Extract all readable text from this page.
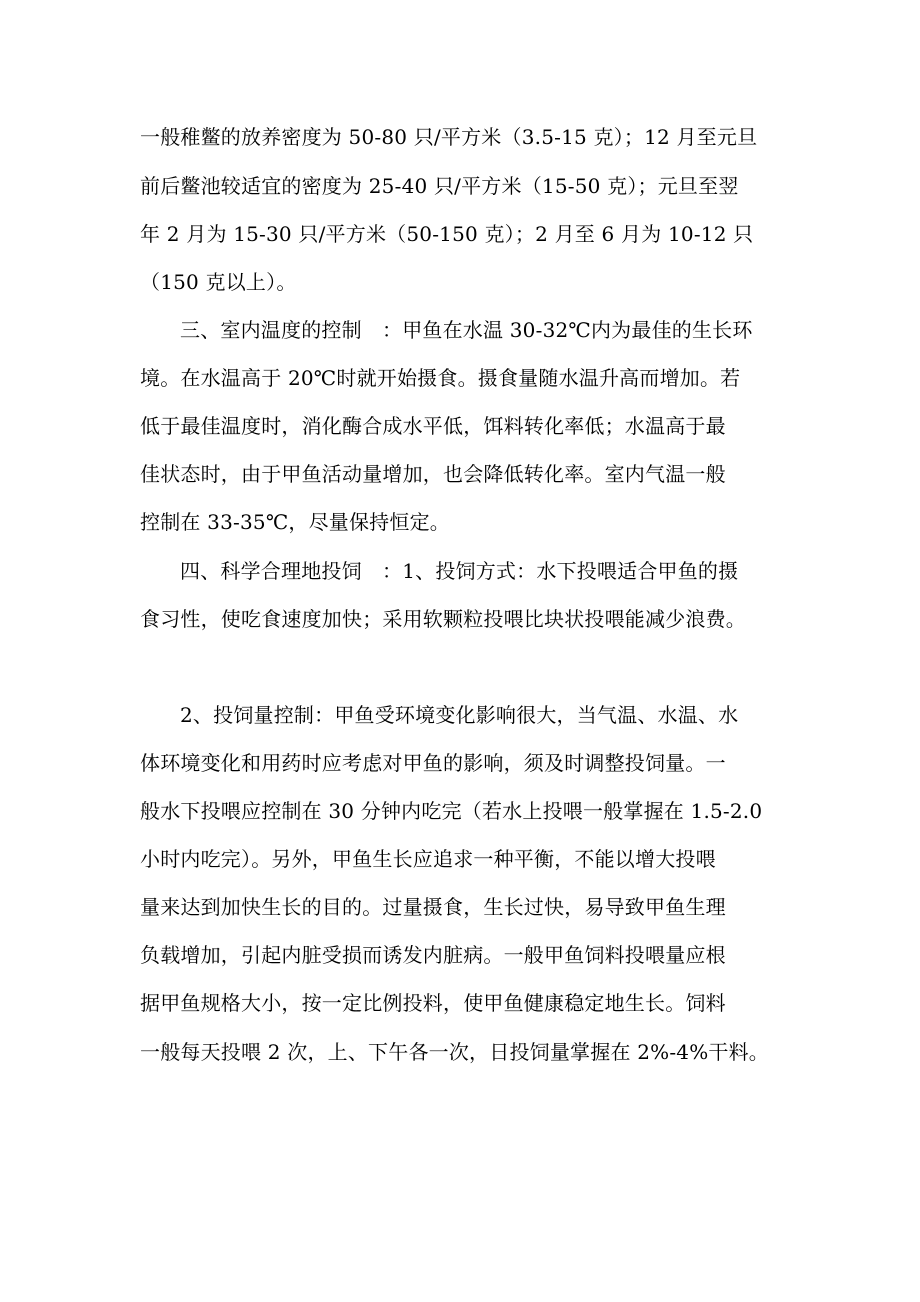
一般稚鳖的放养密度为 50-80 只/平方米（3.5-15 克）；12 月至元旦
前后鳖池较适宜的密度为 25-40 只/平方米（15-50 克）；元旦至翌
年 2 月为 15-30 只/平方米（50-150 克）；2 月至 6 月为 10-12 只
（150 克以上）。
三、室内温度的控制　：甲鱼在水温 30-32℃内为最佳的生长环
境。在水温高于 20℃时就开始摄食。摄食量随水温升高而增加。若
低于最佳温度时，消化酶合成水平低，饵料转化率低；水温高于最
佳状态时，由于甲鱼活动量增加，也会降低转化率。室内气温一般
控制在 33-35℃，尽量保持恒定。
四、科学合理地投饲　：1、投饲方式：水下投喂适合甲鱼的摄
食习性，使吃食速度加快；采用软颗粒投喂比块状投喂能减少浪费。
2、投饲量控制：甲鱼受环境变化影响很大，当气温、水温、水
体环境变化和用药时应考虑对甲鱼的影响，须及时调整投饲量。一
般水下投喂应控制在 30 分钟内吃完（若水上投喂一般掌握在 1.5-2.0
小时内吃完）。另外，甲鱼生长应追求一种平衡，不能以增大投喂
量来达到加快生长的目的。过量摄食，生长过快，易导致甲鱼生理
负载增加，引起内脏受损而诱发内脏病。一般甲鱼饲料投喂量应根
据甲鱼规格大小，按一定比例投料，使甲鱼健康稳定地生长。饲料
一般每天投喂 2 次，上、下午各一次，日投饲量掌握在 2%-4%干料。
